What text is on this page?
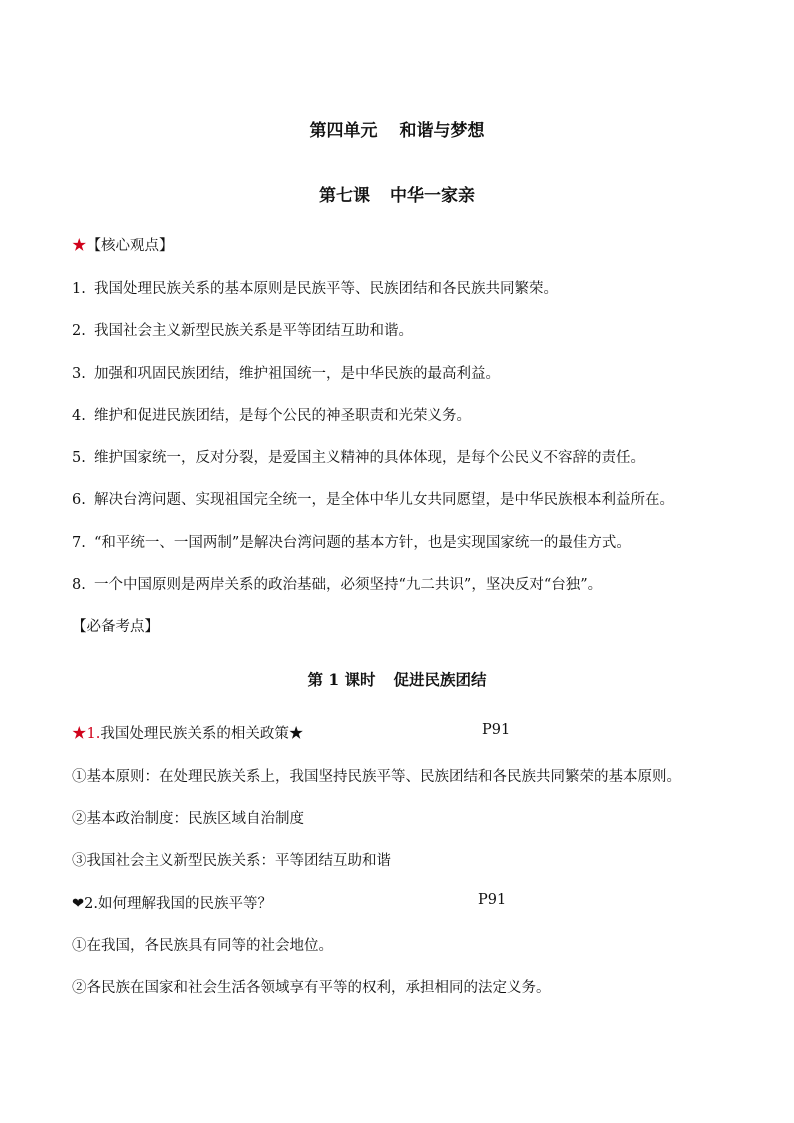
第四单元 和谐与梦想
第七课 中华一家亲
★【核心观点】
1. 我国处理民族关系的基本原则是民族平等、民族团结和各民族共同繁荣。
2. 我国社会主义新型民族关系是平等团结互助和谐。
3. 加强和巩固民族团结，维护祖国统一，是中华民族的最高利益。
4. 维护和促进民族团结，是每个公民的神圣职责和光荣义务。
5. 维护国家统一，反对分裂，是爱国主义精神的具体体现，是每个公民义不容辞的责任。
6. 解决台湾问题、实现祖国完全统一，是全体中华儿女共同愿望，是中华民族根本利益所在。
7. “和平统一、一国两制”是解决台湾问题的基本方针，也是实现国家统一的最佳方式。
8. 一个中国原则是两岸关系的政治基础，必须坚持“九二共识”，坚决反对“台独”。
【必备考点】
第 1 课时 促进民族团结
★1.我国处理民族关系的相关政策★	P91
①基本原则：在处理民族关系上，我国坚持民族平等、民族团结和各民族共同繁荣的基本原则。
②基本政治制度：民族区域自治制度
③我国社会主义新型民族关系：平等团结互助和谐
❤2.如何理解我国的民族平等？	P91
①在我国，各民族具有同等的社会地位。
②各民族在国家和社会生活各领域享有平等的权利，承担相同的法定义务。
